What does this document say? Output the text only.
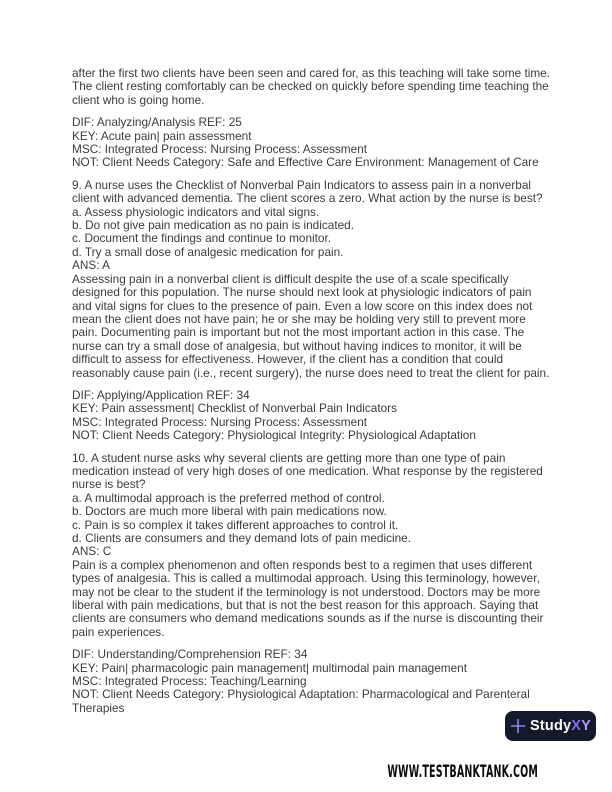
after the first two clients have been seen and cared for, as this teaching will take some time.
The client resting comfortably can be checked on quickly before spending time teaching the
client who is going home.
DIF: Analyzing/Analysis REF: 25
KEY: Acute pain| pain assessment
MSC: Integrated Process: Nursing Process: Assessment
NOT: Client Needs Category: Safe and Effective Care Environment: Management of Care
9. A nurse uses the Checklist of Nonverbal Pain Indicators to assess pain in a nonverbal
client with advanced dementia. The client scores a zero. What action by the nurse is best?
a. Assess physiologic indicators and vital signs.
b. Do not give pain medication as no pain is indicated.
c. Document the findings and continue to monitor.
d. Try a small dose of analgesic medication for pain.
ANS: A
Assessing pain in a nonverbal client is difficult despite the use of a scale specifically
designed for this population. The nurse should next look at physiologic indicators of pain
and vital signs for clues to the presence of pain. Even a low score on this index does not
mean the client does not have pain; he or she may be holding very still to prevent more
pain. Documenting pain is important but not the most important action in this case. The
nurse can try a small dose of analgesia, but without having indices to monitor, it will be
difficult to assess for effectiveness. However, if the client has a condition that could
reasonably cause pain (i.e., recent surgery), the nurse does need to treat the client for pain.
DIF: Applying/Application REF: 34
KEY: Pain assessment| Checklist of Nonverbal Pain Indicators
MSC: Integrated Process: Nursing Process: Assessment
NOT: Client Needs Category: Physiological Integrity: Physiological Adaptation
10. A student nurse asks why several clients are getting more than one type of pain
medication instead of very high doses of one medication. What response by the registered
nurse is best?
a. A multimodal approach is the preferred method of control.
b. Doctors are much more liberal with pain medications now.
c. Pain is so complex it takes different approaches to control it.
d. Clients are consumers and they demand lots of pain medicine.
ANS: C
Pain is a complex phenomenon and often responds best to a regimen that uses different
types of analgesia. This is called a multimodal approach. Using this terminology, however,
may not be clear to the student if the terminology is not understood. Doctors may be more
liberal with pain medications, but that is not the best reason for this approach. Saying that
clients are consumers who demand medications sounds as if the nurse is discounting their
pain experiences.
DIF: Understanding/Comprehension REF: 34
KEY: Pain| pharmacologic pain management| multimodal pain management
MSC: Integrated Process: Teaching/Learning
NOT: Client Needs Category: Physiological Adaptation: Pharmacological and Parenteral
Therapies
StudyXY
WWW.TESTBANKTANK.COM
